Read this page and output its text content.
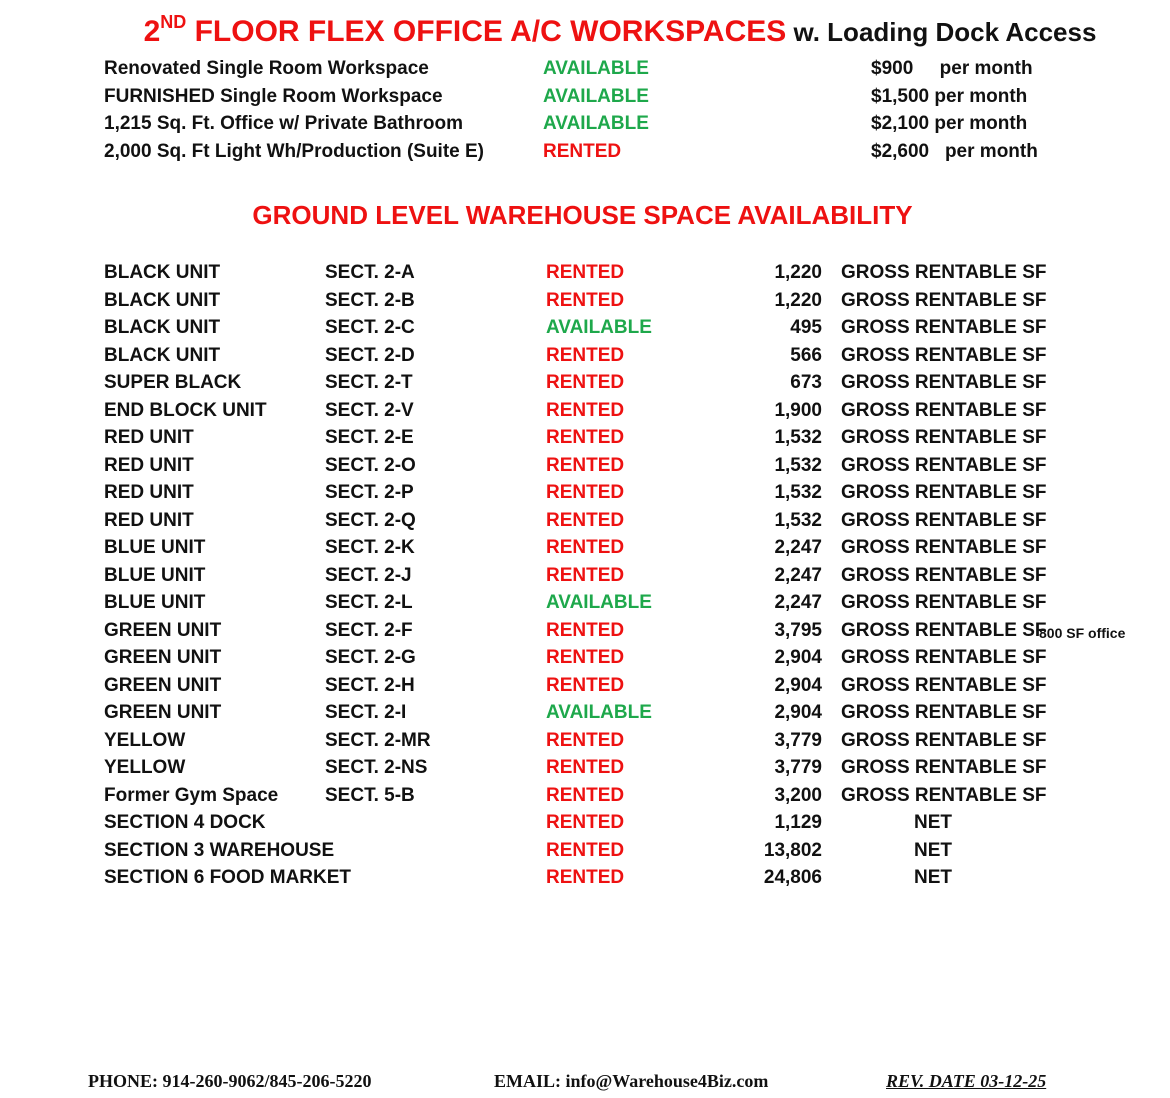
2ND FLOOR FLEX OFFICE A/C WORKSPACES w. Loading Dock Access
Renovated Single Room Workspace	AVAILABLE	$900     per month
FURNISHED Single Room Workspace	AVAILABLE	$1,500 per month
1,215 Sq. Ft. Office w/ Private Bathroom	AVAILABLE	$2,100 per month
2,000 Sq. Ft Light Wh/Production (Suite E)	RENTED	$2,600   per month
GROUND LEVEL WAREHOUSE SPACE AVAILABILITY
BLACK UNIT	SECT. 2-A	RENTED	1,220 GROSS RENTABLE SF
BLACK UNIT	SECT. 2-B	RENTED	1,220 GROSS RENTABLE SF
BLACK UNIT	SECT. 2-C	AVAILABLE	495 GROSS RENTABLE SF
BLACK UNIT	SECT. 2-D	RENTED	566 GROSS RENTABLE SF
SUPER BLACK	SECT. 2-T	RENTED	673 GROSS RENTABLE SF
END BLOCK UNIT	SECT. 2-V	RENTED	1,900 GROSS RENTABLE SF
RED UNIT	SECT. 2-E	RENTED	1,532 GROSS RENTABLE SF
RED UNIT	SECT. 2-O	RENTED	1,532 GROSS RENTABLE SF
RED UNIT	SECT. 2-P	RENTED	1,532 GROSS RENTABLE SF
RED UNIT	SECT. 2-Q	RENTED	1,532 GROSS RENTABLE SF
BLUE UNIT	SECT. 2-K	RENTED	2,247 GROSS RENTABLE SF
BLUE UNIT	SECT. 2-J	RENTED	2,247 GROSS RENTABLE SF
BLUE UNIT	SECT. 2-L	AVAILABLE	2,247 GROSS RENTABLE SF
GREEN UNIT	SECT. 2-F	RENTED	3,795 GROSS RENTABLE SF
800 SF office
GREEN UNIT	SECT. 2-G	RENTED	2,904 GROSS RENTABLE SF
GREEN UNIT	SECT. 2-H	RENTED	2,904 GROSS RENTABLE SF
GREEN UNIT	SECT. 2-I	AVAILABLE	2,904 GROSS RENTABLE SF
YELLOW	SECT. 2-MR	RENTED	3,779 GROSS RENTABLE SF
YELLOW	SECT. 2-NS	RENTED	3,779 GROSS RENTABLE SF
Former Gym Space SECT. 5-B	RENTED	3,200 GROSS RENTABLE SF
SECTION 4 DOCK	RENTED	1,129	NET
SECTION 3 WAREHOUSE	RENTED	13,802	NET
SECTION 6 FOOD MARKET	RENTED	24,806	NET
PHONE: 914-260-9062/845-206-5220	EMAIL: info@Warehouse4Biz.com	REV. DATE 03-12-25
